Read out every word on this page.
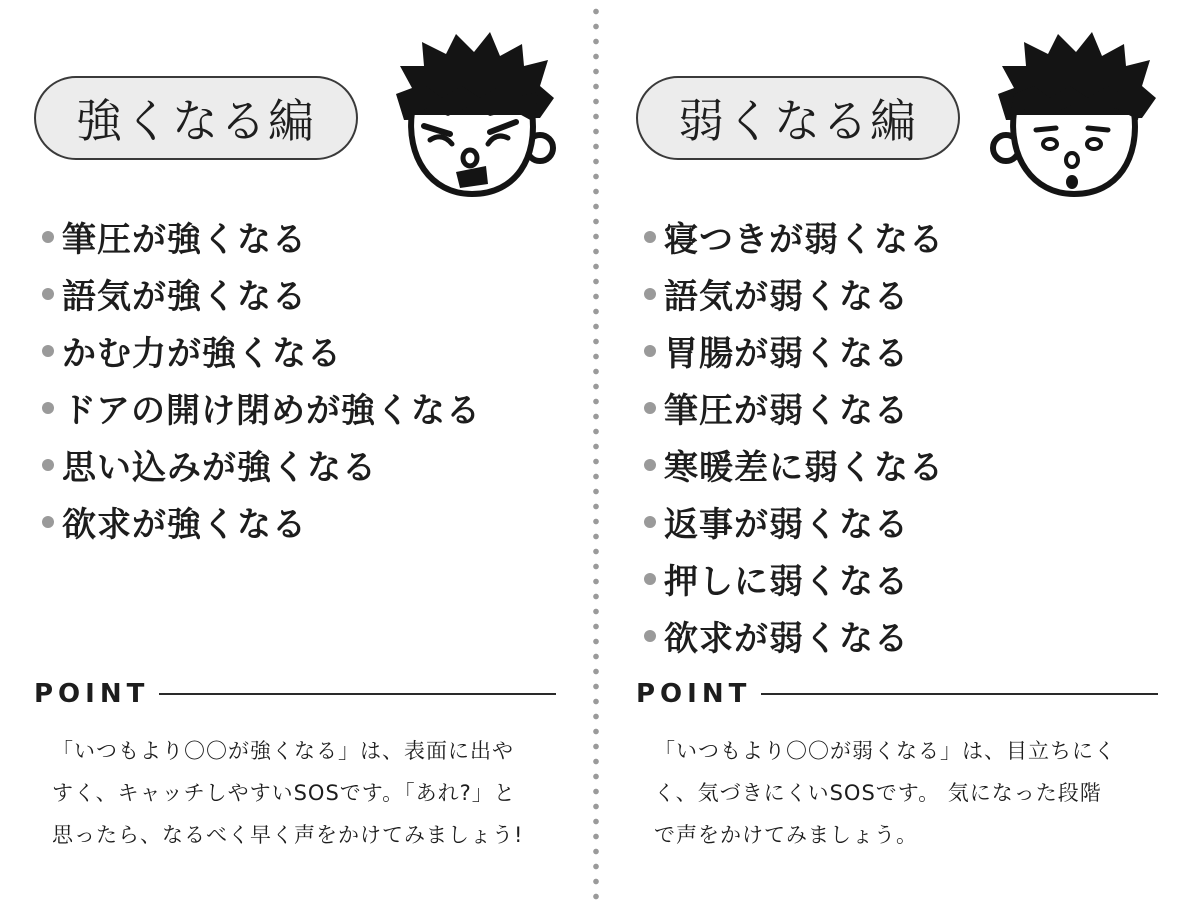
強くなる編
筆圧が強くなる
語気が強くなる
かむ力が強くなる
ドアの開け閉めが強くなる
思い込みが強くなる
欲求が強くなる
POINT
「いつもより〇〇が強くなる」は、表面に出や
すく、キャッチしやすいSOSです。「あれ?」と
思ったら、なるべく早く声をかけてみましょう!
弱くなる編
寝つきが弱くなる
語気が弱くなる
胃腸が弱くなる
筆圧が弱くなる
寒暖差に弱くなる
返事が弱くなる
押しに弱くなる
欲求が弱くなる
POINT
「いつもより〇〇が弱くなる」は、目立ちにく
く、気づきにくいSOSです。 気になった段階
で声をかけてみましょう。
